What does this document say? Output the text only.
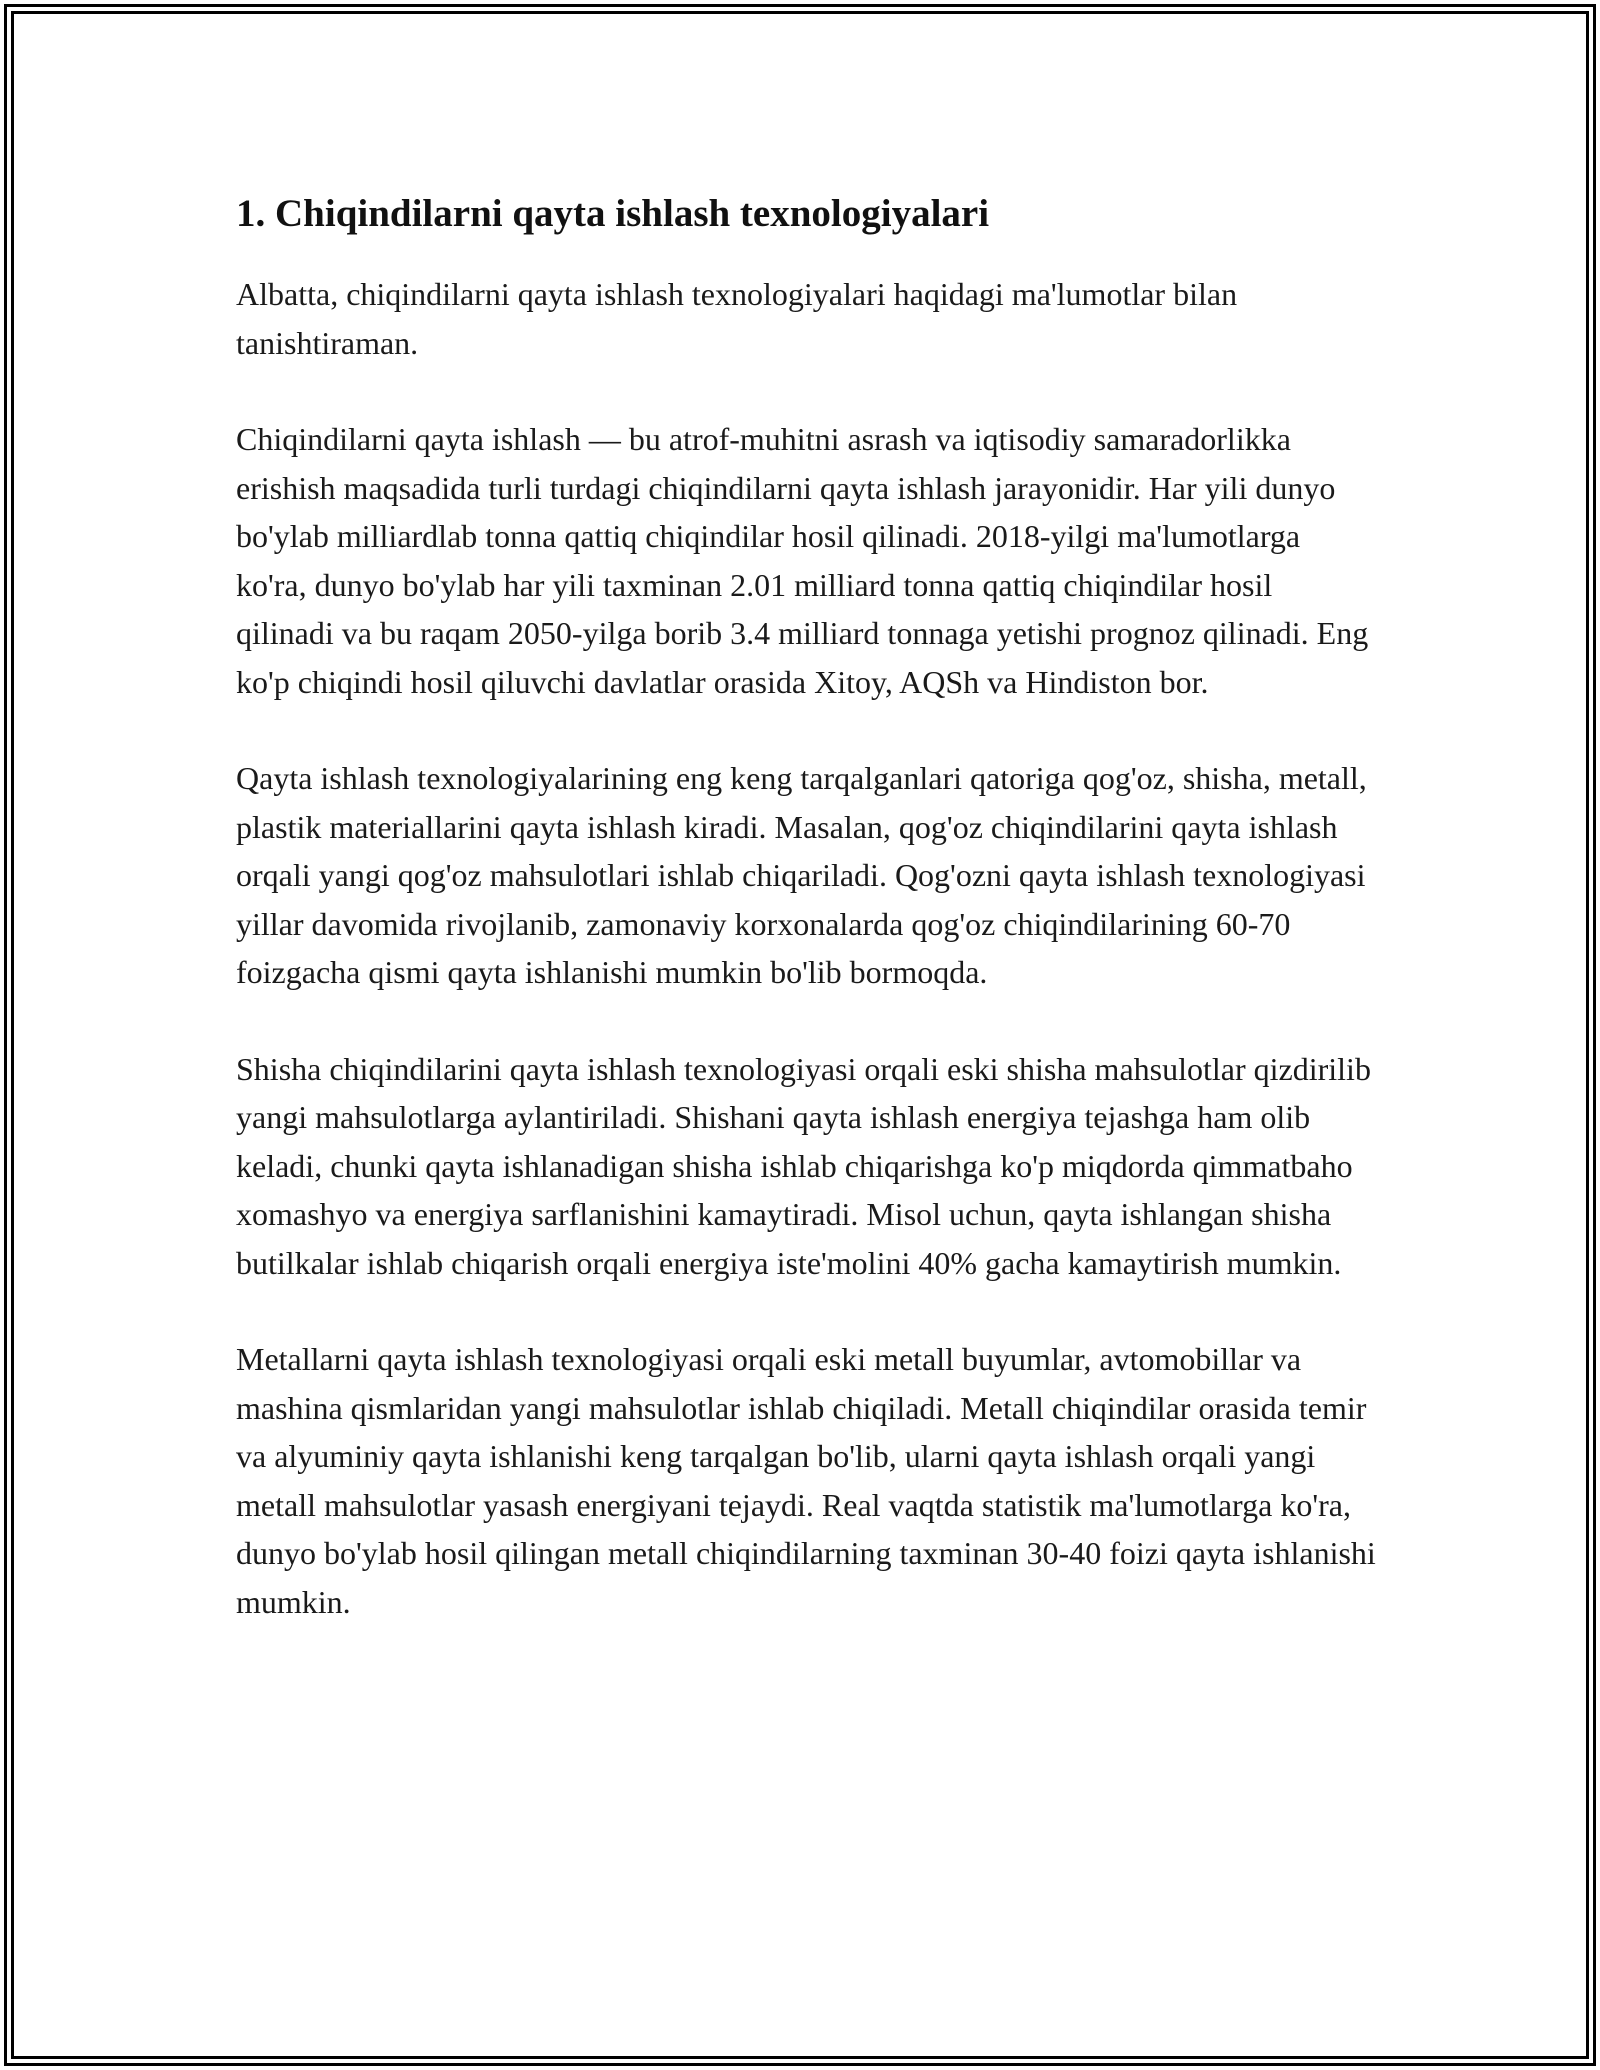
1. Chiqindilarni qayta ishlash texnologiyalari

Albatta, chiqindilarni qayta ishlash texnologiyalari haqidagi ma'lumotlar bilan tanishtiraman.

Chiqindilarni qayta ishlash — bu atrof-muhitni asrash va iqtisodiy samaradorlikka erishish maqsadida turli turdagi chiqindilarni qayta ishlash jarayonidir. Har yili dunyo bo'ylab milliardlab tonna qattiq chiqindilar hosil qilinadi. 2018-yilgi ma'lumotlarga ko'ra, dunyo bo'ylab har yili taxminan 2.01 milliard tonna qattiq chiqindilar hosil qilinadi va bu raqam 2050-yilga borib 3.4 milliard tonnaga yetishi prognoz qilinadi. Eng ko'p chiqindi hosil qiluvchi davlatlar orasida Xitoy, AQSh va Hindiston bor.

Qayta ishlash texnologiyalarining eng keng tarqalganlari qatoriga qog'oz, shisha, metall, plastik materiallarini qayta ishlash kiradi. Masalan, qog'oz chiqindilarini qayta ishlash orqali yangi qog'oz mahsulotlari ishlab chiqariladi. Qog'ozni qayta ishlash texnologiyasi yillar davomida rivojlanib, zamonaviy korxonalarda qog'oz chiqindilarining 60-70 foizgacha qismi qayta ishlanishi mumkin bo'lib bormoqda.

Shisha chiqindilarini qayta ishlash texnologiyasi orqali eski shisha mahsulotlar qizdirilib yangi mahsulotlarga aylantiriladi. Shishani qayta ishlash energiya tejashga ham olib keladi, chunki qayta ishlanadigan shisha ishlab chiqarishga ko'p miqdorda qimmatbaho xomashyo va energiya sarflanishini kamaytiradi. Misol uchun, qayta ishlangan shisha butilkalar ishlab chiqarish orqali energiya iste'molini 40% gacha kamaytirish mumkin.

Metallarni qayta ishlash texnologiyasi orqali eski metall buyumlar, avtomobillar va mashina qismlaridan yangi mahsulotlar ishlab chiqiladi. Metall chiqindilar orasida temir va alyuminiy qayta ishlanishi keng tarqalgan bo'lib, ularni qayta ishlash orqali yangi metall mahsulotlar yasash energiyani tejaydi. Real vaqtda statistik ma'lumotlarga ko'ra, dunyo bo'ylab hosil qilingan metall chiqindilarning taxminan 30-40 foizi qayta ishlanishi mumkin.
